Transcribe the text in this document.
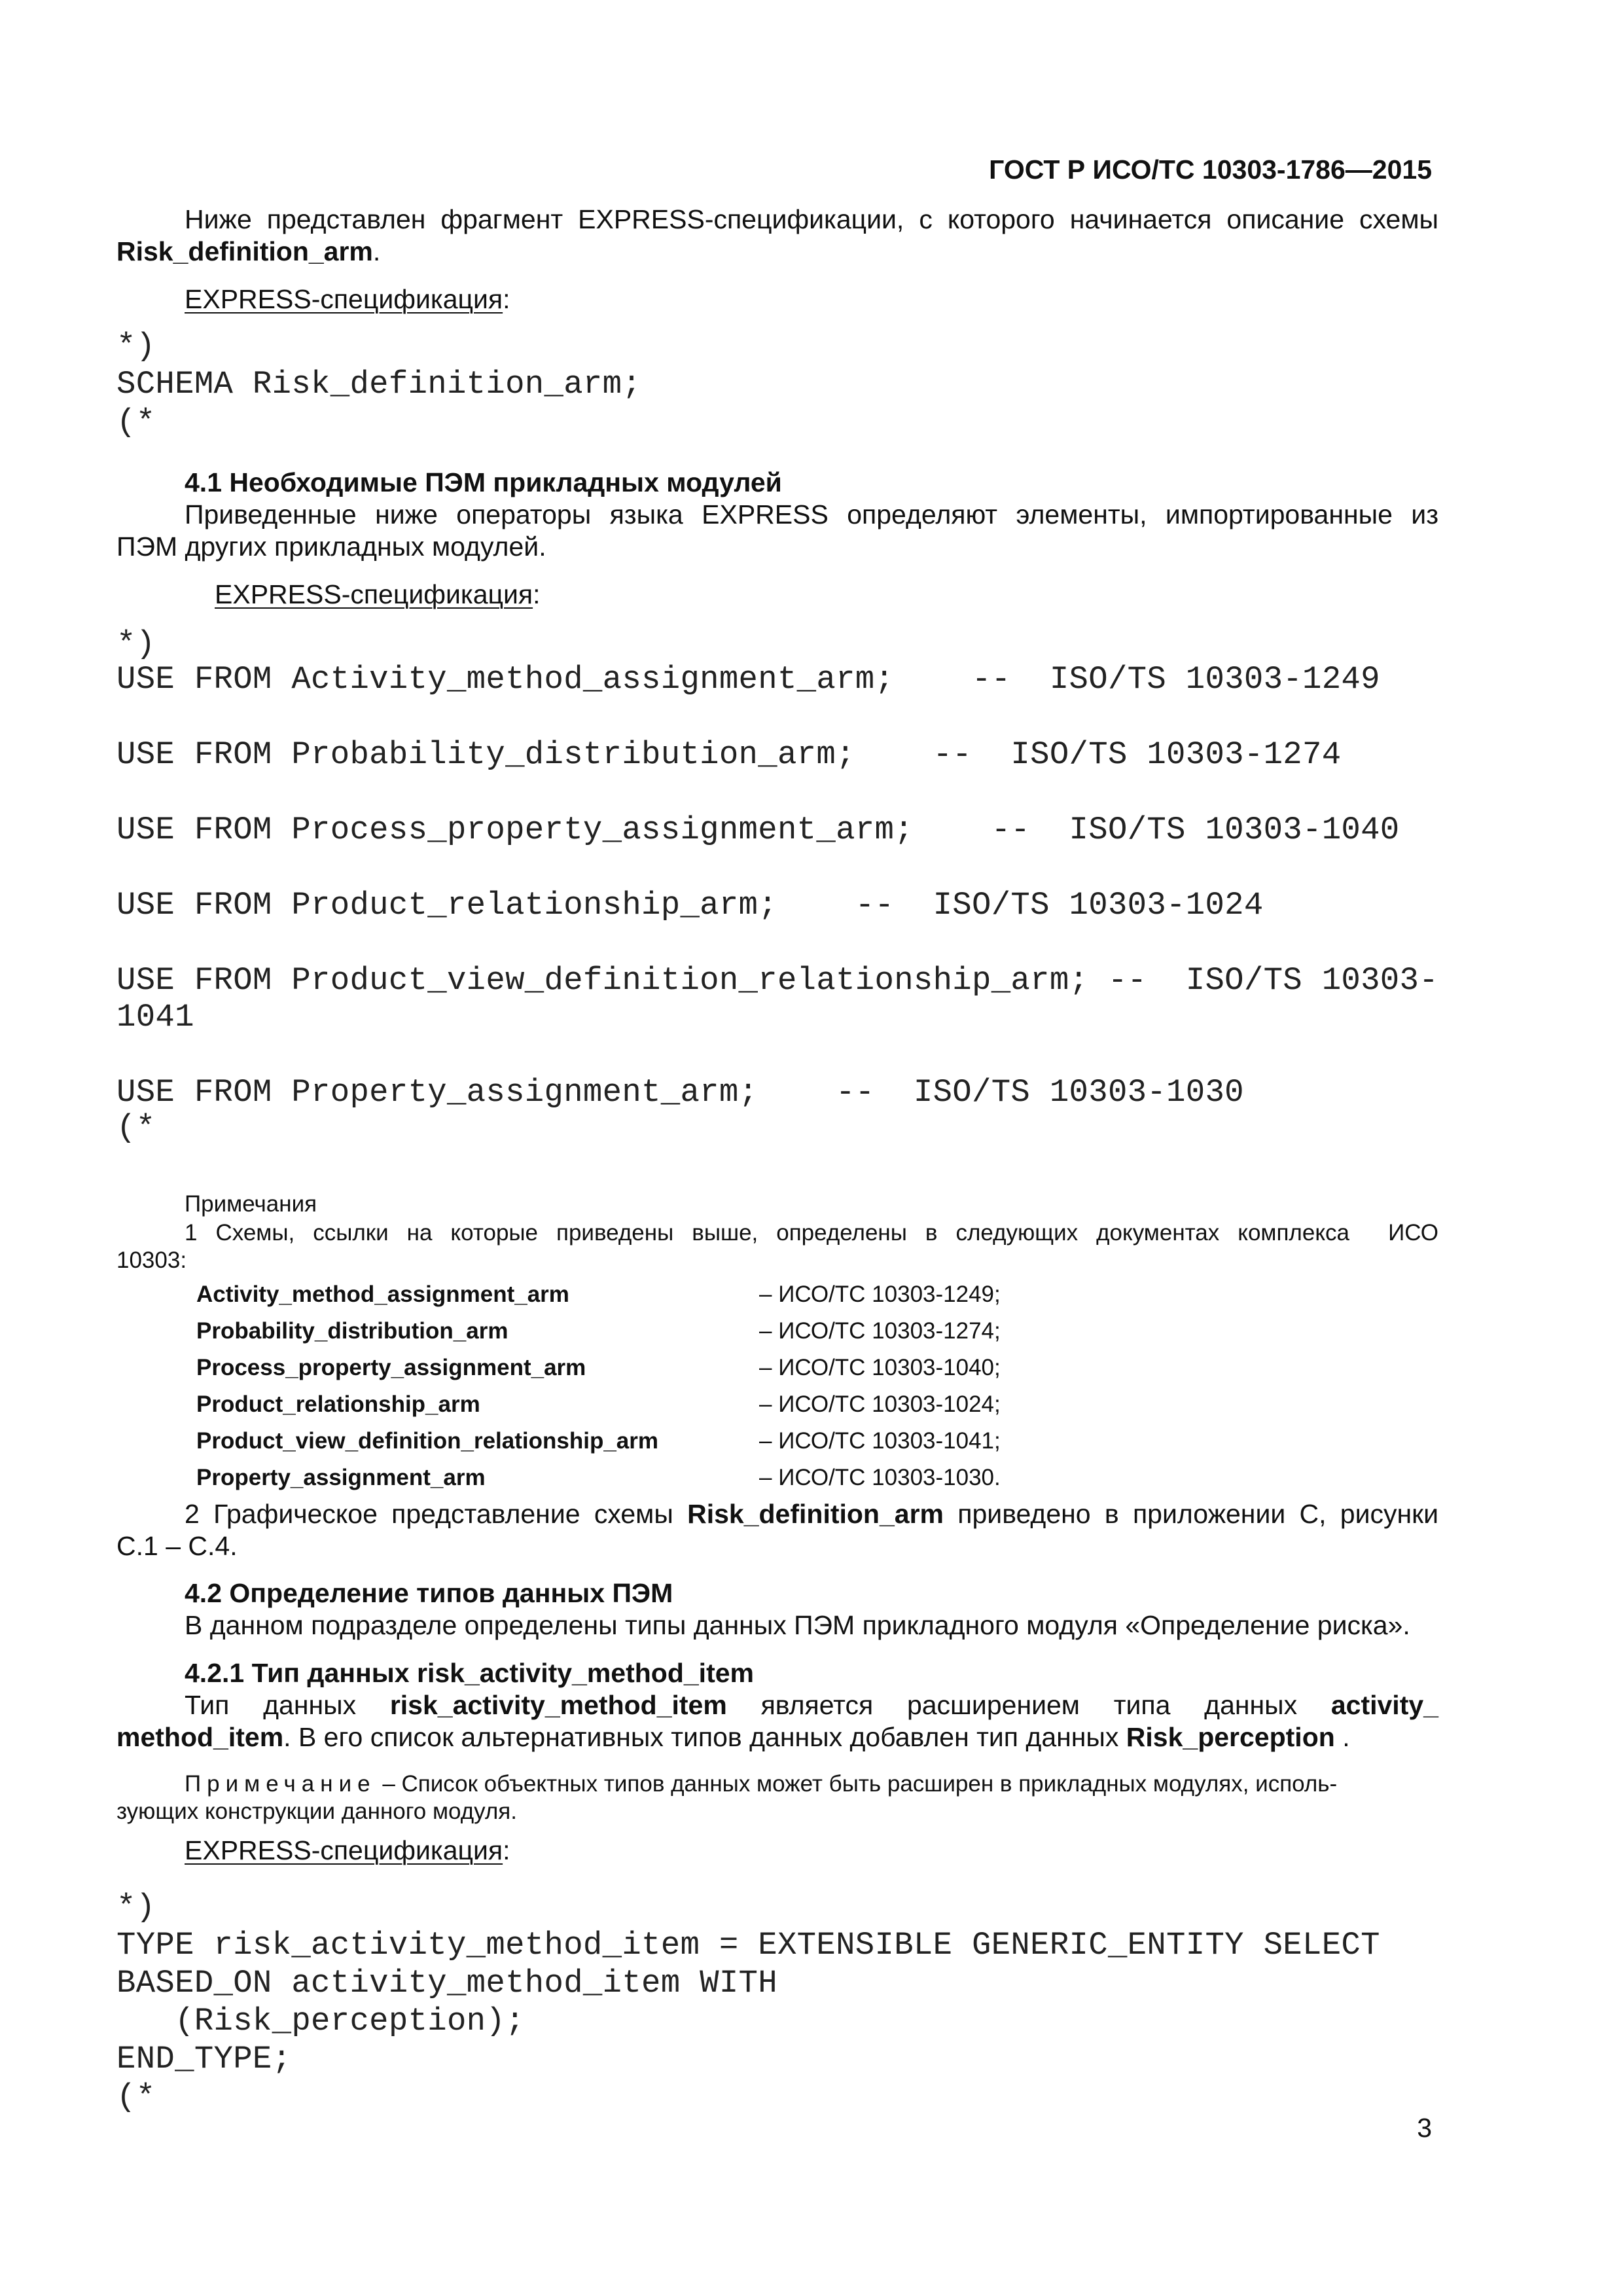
ГОСТ Р ИСО/ТС 10303-1786—2015
Ниже представлен фрагмент EXPRESS-спецификации, с которого начинается описание схемы
Risk_definition_arm.
EXPRESS-спецификация:
*)
SCHEMA Risk_definition_arm;
(*
4.1 Необходимые ПЭМ прикладных модулей
Приведенные ниже операторы языка EXPRESS определяют элементы, импортированные из
ПЭМ других прикладных модулей.
EXPRESS-спецификация:
*)
USE FROM Activity_method_assignment_arm;    --  ISO/TS 10303-1249
USE FROM Probability_distribution_arm;    --  ISO/TS 10303-1274
USE FROM Process_property_assignment_arm;    --  ISO/TS 10303-1040
USE FROM Product_relationship_arm;    --  ISO/TS 10303-1024
USE FROM Product_view_definition_relationship_arm; --  ISO/TS 10303-
1041
USE FROM Property_assignment_arm;    --  ISO/TS 10303-1030
(*
Примечания
1 Схемы, ссылки на которые приведены выше, определены в следующих документах комплекса ИСО
10303:
Activity_method_assignment_arm	– ИСО/ТС 10303-1249;
Probability_distribution_arm	– ИСО/ТС 10303-1274;
Process_property_assignment_arm	– ИСО/ТС 10303-1040;
Product_relationship_arm	– ИСО/ТС 10303-1024;
Product_view_definition_relationship_arm	– ИСО/ТС 10303-1041;
Property_assignment_arm	– ИСО/ТС 10303-1030.
2 Графическое представление схемы Risk_definition_arm приведено в приложении С, рисунки
С.1 – С.4.
4.2 Определение типов данных ПЭМ
В данном подразделе определены типы данных ПЭМ прикладного модуля «Определение риска».
4.2.1 Тип данных risk_activity_method_item
Тип данных risk_activity_method_item является расширением типа данных activity_
method_item. В его список альтернативных типов данных добавлен тип данных Risk_perception .
Примечание – Список объектных типов данных может быть расширен в прикладных модулях, исполь-
зующих конструкции данного модуля.
EXPRESS-спецификация:
*)
TYPE risk_activity_method_item = EXTENSIBLE GENERIC_ENTITY SELECT
BASED_ON activity_method_item WITH
(Risk_perception);
END_TYPE;
(*
3
